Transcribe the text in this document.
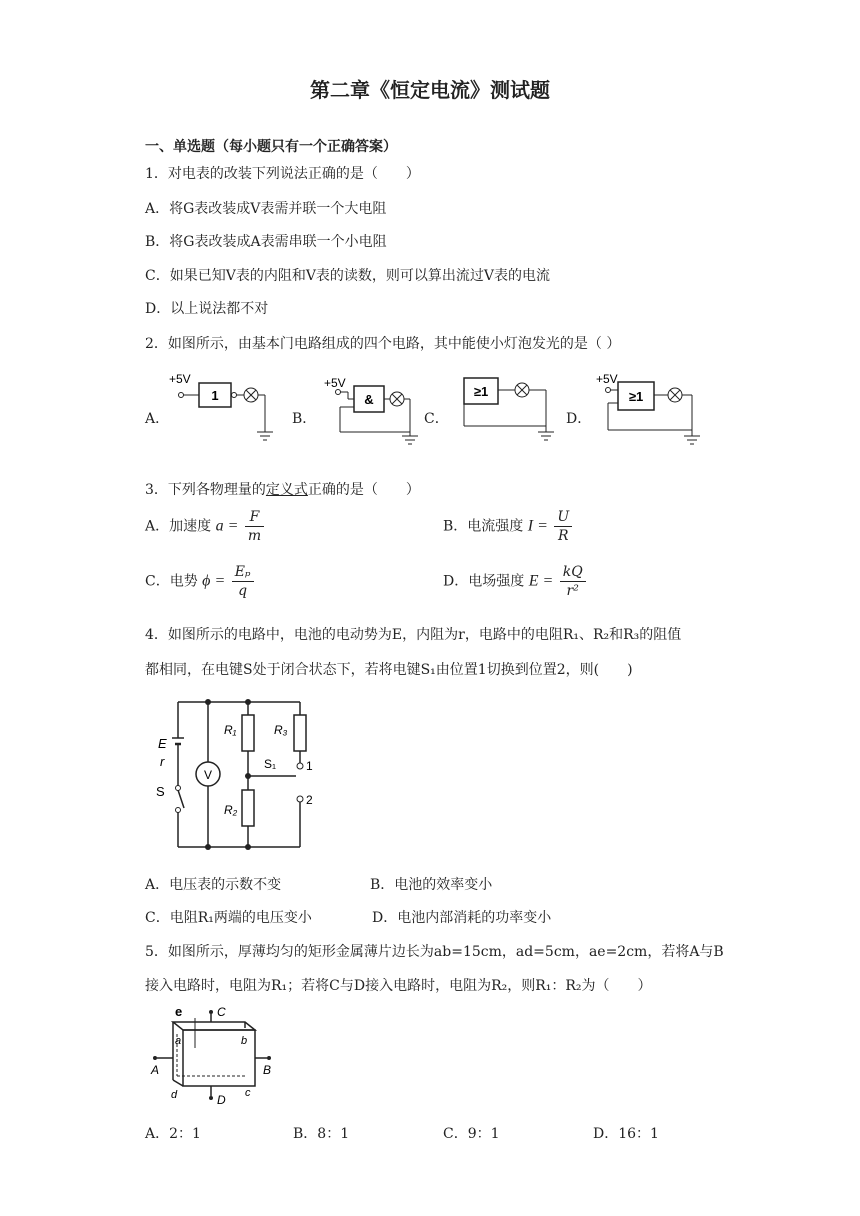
第二章《恒定电流》测试题
一、单选题（每小题只有一个正确答案）
1．对电表的改装下列说法正确的是（　　）
A．将G表改装成V表需并联一个大电阻
B．将G表改装成A表需串联一个小电阻
C．如果已知V表的内阻和V表的读数，则可以算出流过V表的电流
D．以上说法都不对
2．如图所示，由基本门电路组成的四个电路，其中能使小灯泡发光的是（ ）
A．
+5V
1
B．
+5V
&
C．
≥1
D．
+5V
≥1
3．下列各物理量的定义式正确的是（　　）
A．加速度 $a = \frac{F}{m}$	B．电流强度 $I = \frac{U}{R}$
C．电势 $\phi = \frac{\text{Eₚ}}{q}$	D．电场强度 $E = \frac{kQ}{\text{r²}}$
4．如图所示的电路中，电池的电动势为E，内阻为r，电路中的电阻R₁、R₂和R₃的阻值
都相同，在电键S处于闭合状态下，若将电键S₁由位置1切换到位置2，则(　　)
V
E
r
S
R₁
R₂
R₃
S₁ 1
2
A．电压表的示数不变	B．电池的效率变小
C．电阻R₁两端的电压变小	D．电池内部消耗的功率变小
5．如图所示，厚薄均匀的矩形金属薄片边长为ab=15cm，ad=5cm，ae=2cm，若将A与B
接入电路时，电阻为R₁；若将C与D接入电路时，电阻为R₂，则R₁：R₂为（　　）
e	C
a	b
A	B
d	c
D
A．2：1	B．8：1	C．9：1	D．16：1
